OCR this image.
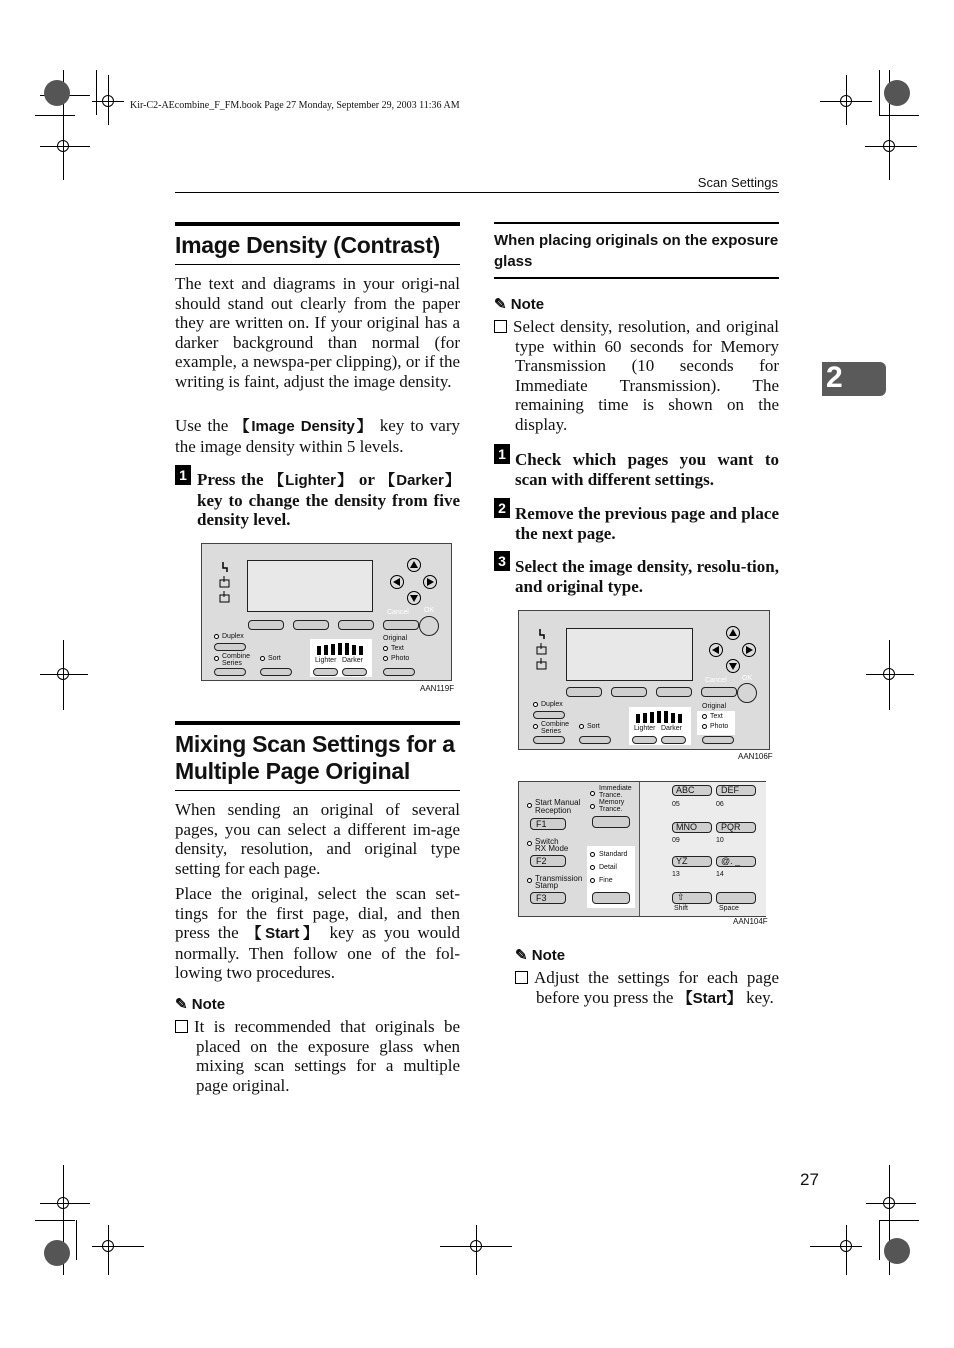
Kir-C2-AEcombine_F_FM.book Page 27 Monday, September 29, 2003 11:36 AM
Scan Settings
2
Image Density (Contrast)
The text and diagrams in your origi-nal should stand out clearly from the paper they are written on. If your original has a darker background than normal (for example, a newspa-per clipping), or if the writing is faint, adjust the image density.
Use the 【Image Density】 key to vary the image density within 5 levels.
1 Press the 【Lighter】 or 【Darker】 key to change the density from five density level.
Cancel OK
Duplex
Combine
Series
Sort	Lighter Darker
Original
Text
Photo
AAN119F
Mixing Scan Settings for a
Multiple Page Original
When sending an original of several pages, you can select a different im-age density, resolution, and original type setting for each page.
Place the original, select the scan set-tings for the first page, dial, and then press the 【Start】 key as you would normally. Then follow one of the fol-lowing two procedures.
✎ Note
It is recommended that originals be placed on the exposure glass when mixing scan settings for a multiple page original.
When placing originals on the exposure glass
✎ Note
Select density, resolution, and original type within 60 seconds for Memory Transmission (10 seconds for Immediate Transmission). The remaining time is shown on the display.
1 Check which pages you want to scan with different settings.
2 Remove the previous page and place the next page.
3 Select the image density, resolu-tion, and original type.
Cancel OK
Duplex
Combine
Series
Sort	Lighter Darker
Original
Text
Photo
AAN106F
Start Manual
Reception
F1
Switch
RX Mode
F2
Transmission
Stamp
F3
Immediate
Trance.
Memory
Trance.
Standard
Detail
Fine
ABC	DEF
05	06
MNO	PQR
09	10
YZ	@. _
13	14
⇧
Shift	Space
AAN104F
✎ Note
Adjust the settings for each page before you press the 【Start】 key.
27
